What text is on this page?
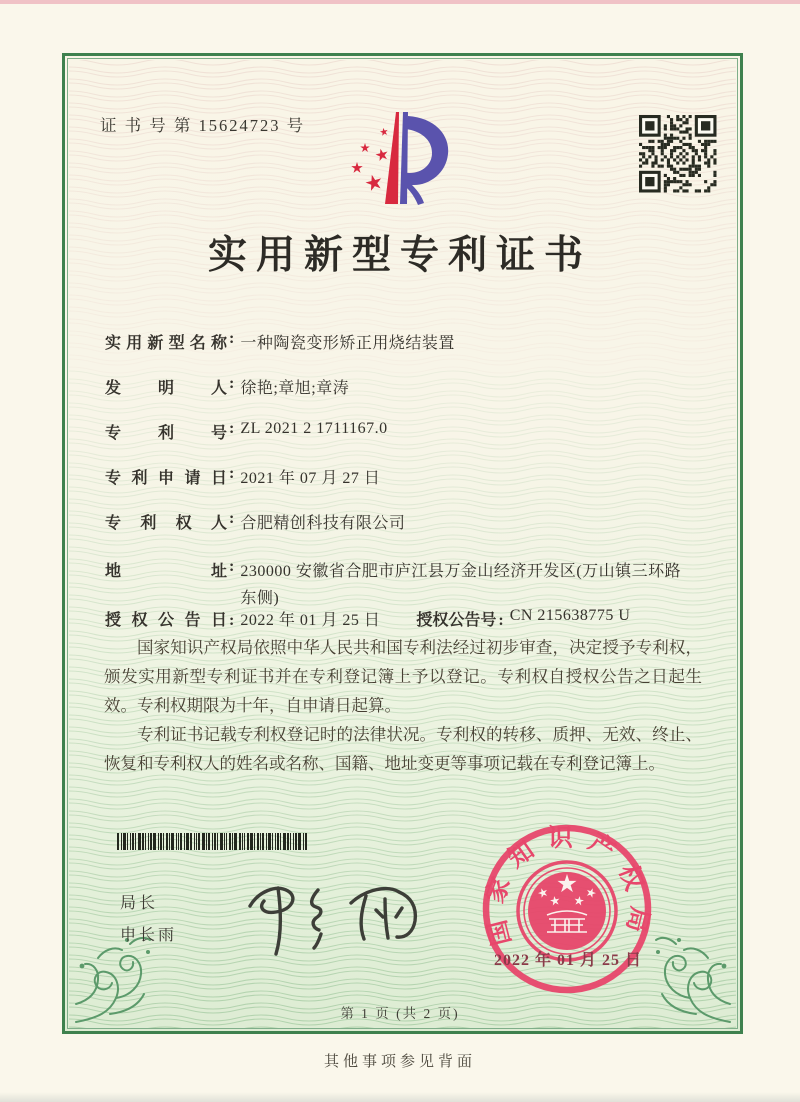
证 书 号 第 15624723 号
实用新型专利证书
实用新型名称 : 一种陶瓷变形矫正用烧结装置
发明人 : 徐艳;章旭;章涛
专利号 : ZL 2021 2 1711167.0
专利申请日 : 2021 年 07 月 27 日
专利权人 : 合肥精创科技有限公司
地址 : 230000 安徽省合肥市庐江县万金山经济开发区(万山镇三环路东侧)
授权公告日 : 2022 年 01 月 25 日 授权公告号 : CN 215638775 U

国家知识产权局依照中华人民共和国专利法经过初步审查，决定授予专利权，颁发实用新型专利证书并在专利登记簿上予以登记。专利权自授权公告之日起生效。专利权期限为十年，自申请日起算。

专利证书记载专利权登记时的法律状况。专利权的转移、质押、无效、终止、恢复和专利权人的姓名或名称、国籍、地址变更等事项记载在专利登记簿上。

局长
申长雨	国家知识产权局
2022 年 01 月 25 日
第 1 页 (共 2 页)
其他事项参见背面
